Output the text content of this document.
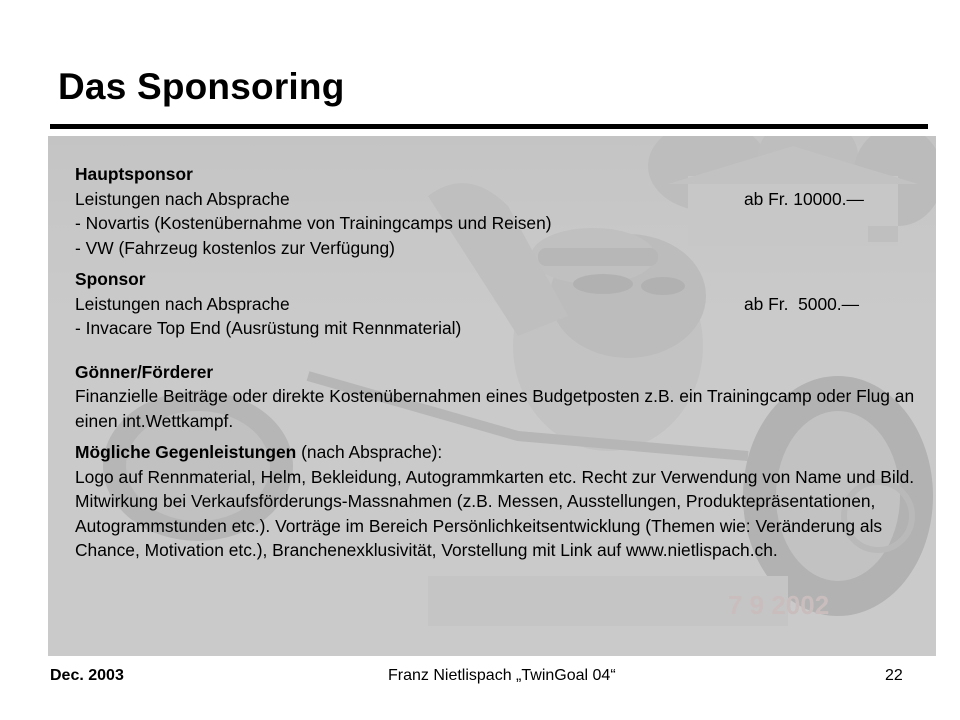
Das Sponsoring

Hauptsponsor

Leistungen nach Absprache	ab Fr. 10000.—

- Novartis (Kostenübernahme von Trainingcamps und Reisen)

- VW (Fahrzeug kostenlos zur Verfügung)

Sponsor

Leistungen nach Absprache	ab Fr.  5000.—

- Invacare Top End (Ausrüstung mit Rennmaterial)

Gönner/Förderer

Finanzielle Beiträge oder direkte Kostenübernahmen eines Budgetposten z.B. ein Trainingcamp oder Flug an einen int.Wettkampf.

Mögliche Gegenleistungen (nach Absprache):

Logo auf Rennmaterial, Helm, Bekleidung, Autogrammkarten etc. Recht zur Verwendung von Name und Bild. Mitwirkung bei Verkaufsförderungs-Massnahmen (z.B. Messen, Ausstellungen, Produktepräsentationen, Autogrammstunden etc.). Vorträge im Bereich Persönlichkeitsentwicklung (Themen wie: Veränderung als Chance, Motivation etc.), Branchenexklusivität, Vorstellung mit Link auf www.nietlispach.ch.

Dec. 2003	Franz Nietlispach „TwinGoal 04“	22
